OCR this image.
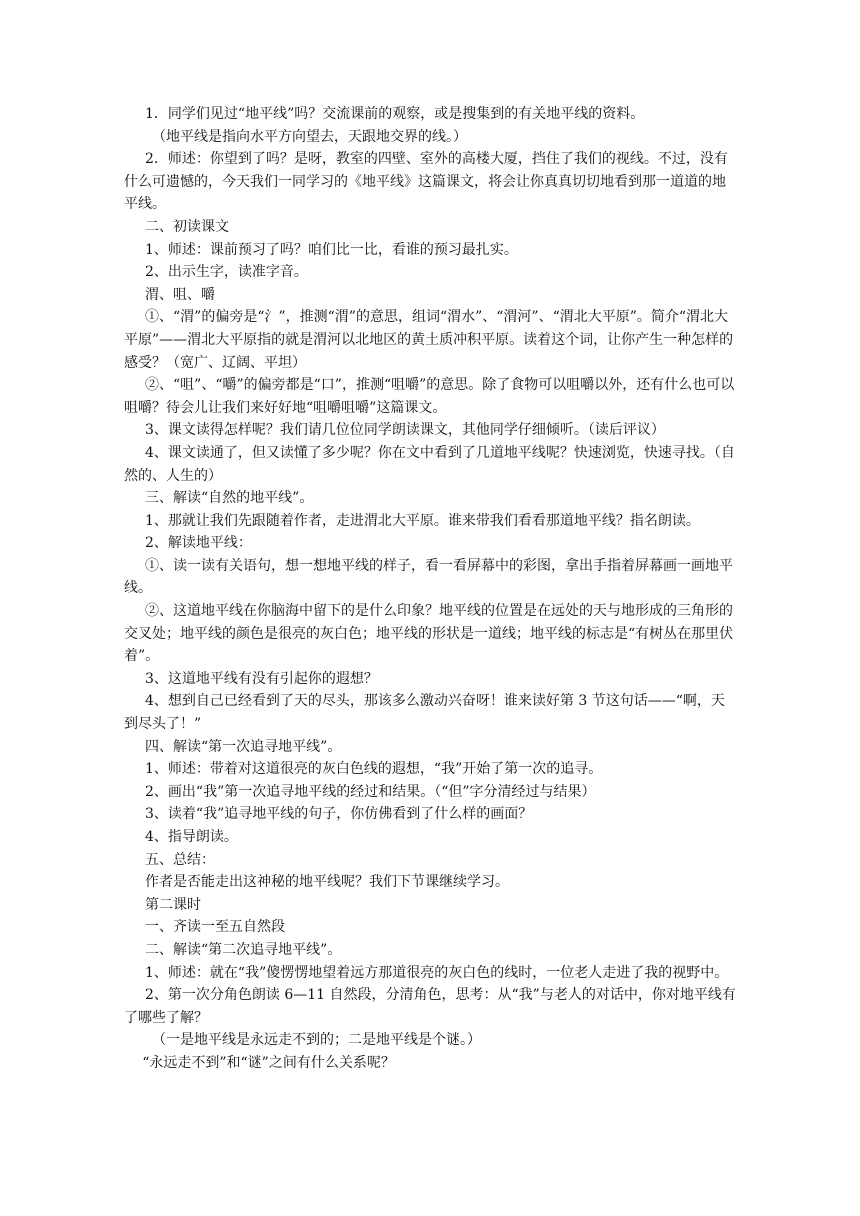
1．同学们见过“地平线”吗？交流课前的观察，或是搜集到的有关地平线的资料。

（地平线是指向水平方向望去，天跟地交界的线。）

2．师述：你望到了吗？是呀，教室的四壁、室外的高楼大厦，挡住了我们的视线。不过，没有什么可遗憾的，今天我们一同学习的《地平线》这篇课文，将会让你真真切切地看到那一道道的地平线。

二、初读课文

1、师述：课前预习了吗？咱们比一比，看谁的预习最扎实。

2、出示生字，读准字音。

渭、咀、嚼

①、“渭”的偏旁是“氵”，推测“渭”的意思，组词“渭水”、“渭河”、“渭北大平原”。简介“渭北大平原”——渭北大平原指的就是渭河以北地区的黄土质冲积平原。读着这个词，让你产生一种怎样的感受？（宽广、辽阔、平坦）

②、“咀”、“嚼”的偏旁都是“口”，推测“咀嚼”的意思。除了食物可以咀嚼以外，还有什么也可以咀嚼？待会儿让我们来好好地“咀嚼咀嚼”这篇课文。

3、课文读得怎样呢？我们请几位位同学朗读课文，其他同学仔细倾听。（读后评议）

4、课文读通了，但又读懂了多少呢？你在文中看到了几道地平线呢？快速浏览，快速寻找。（自然的、人生的）

三、解读“自然的地平线”。

1、那就让我们先跟随着作者，走进渭北大平原。谁来带我们看看那道地平线？指名朗读。

2、解读地平线：

①、读一读有关语句，想一想地平线的样子，看一看屏幕中的彩图，拿出手指着屏幕画一画地平线。

②、这道地平线在你脑海中留下的是什么印象？地平线的位置是在远处的天与地形成的三角形的交叉处；地平线的颜色是很亮的灰白色；地平线的形状是一道线；地平线的标志是“有树丛在那里伏着”。

3、这道地平线有没有引起你的遐想？

4、想到自己已经看到了天的尽头，那该多么激动兴奋呀！谁来读好第 3 节这句话——“啊，天到尽头了！”

四、解读“第一次追寻地平线”。

1、师述：带着对这道很亮的灰白色线的遐想，“我”开始了第一次的追寻。

2、画出“我”第一次追寻地平线的经过和结果。（“但”字分清经过与结果）

3、读着“我”追寻地平线的句子，你仿佛看到了什么样的画面？

4、指导朗读。

五、总结：

作者是否能走出这神秘的地平线呢？我们下节课继续学习。

第二课时

一、齐读一至五自然段

二、解读“第二次追寻地平线”。

1、师述：就在“我”傻愣愣地望着远方那道很亮的灰白色的线时，一位老人走进了我的视野中。

2、第一次分角色朗读 6—11 自然段，分清角色，思考：从“我”与老人的对话中，你对地平线有了哪些了解？

（一是地平线是永远走不到的；二是地平线是个谜。）

“永远走不到”和“谜”之间有什么关系呢？
